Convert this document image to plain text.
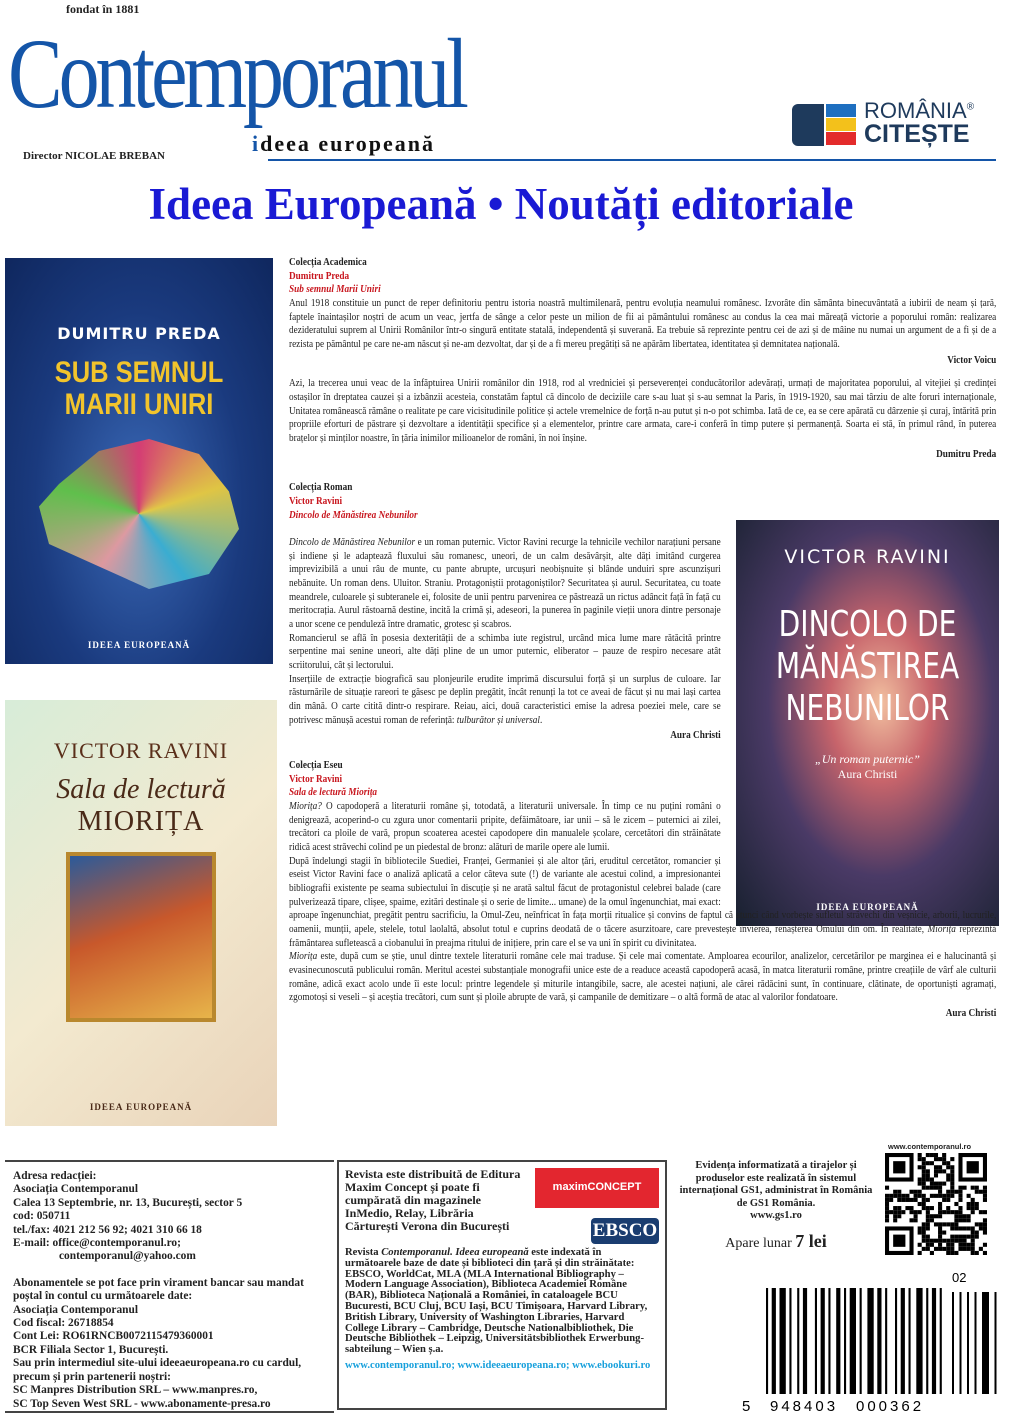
fondat în 1881
Contemporanul
ideea europeană
Director NICOLAE BREBAN
ROMÂNIA®
CITEȘTE
Ideea Europeană • Noutăți editoriale
DUMITRU PREDA
SUB SEMNUL
MARII UNIRI
IDEEA EUROPEANĂ
VICTOR RAVINI
Sala de lectură
MIORIȚA
IDEEA EUROPEANĂ
VICTOR RAVINI
DINCOLO DE
MĂNĂSTIREA
NEBUNILOR
„Un roman puternic”
Aura Christi
IDEEA EUROPEANĂ
Colecția Academica
Dumitru Preda
Sub semnul Marii Uniri

Anul 1918 constituie un punct de reper definitoriu pentru istoria noastră multimilenară, pentru evoluția neamului românesc. Izvorâte din sământa binecuvântată a iubirii de neam și țară, faptele înaintașilor noștri de acum un veac, jertfa de sânge a celor peste un milion de fii ai pământului românesc au condus la cea mai măreață victorie a poporului român: realizarea dezideratului suprem al Unirii Românilor într-o singură entitate statală, independentă și suverană. Ea trebuie să reprezinte pentru cei de azi și de mâine nu numai un argument de a fi și de a rezista pe pământul pe care ne-am născut și ne-am dezvoltat, dar și de a fi mereu pregătiți să ne apărăm libertatea, identitatea și demnitatea națională.

Victor Voicu

Azi, la trecerea unui veac de la înfăptuirea Unirii românilor din 1918, rod al vredniciei și perseverenței conducătorilor adevărați, urmați de majoritatea poporului, al vitejiei și credinței ostașilor în dreptatea cauzei și a izbânzii acesteia, constatăm faptul că dincolo de deciziile care s-au luat și s-au semnat la Paris, în 1919-1920, sau mai târziu de alte foruri internaționale, Unitatea românească rămâne o realitate pe care vicisitudinile politice și actele vremelnice de forță n-au putut și n-o pot schimba. Iată de ce, ea se cere apărată cu dârzenie și curaj, întărită prin propriile eforturi de păstrare și dezvoltare a identității specifice și a elementelor, printre care armata, care-i conferă în timp putere și permanență. Soarta ei stă, în primul rând, în puterea brațelor și minților noastre, în țăria inimilor milioanelor de români, în noi înșine.

Dumitru Preda
Colecția Roman
Victor Ravini
Dincolo de Mănăstirea Nebunilor

Dincolo de Mănăstirea Nebunilor e un roman puternic. Victor Ravini recurge la tehnicile vechilor narațiuni persane și indiene și le adaptează fluxului său romanesc, uneori, de un calm desăvârșit, alte dăți imitând curgerea imprevizibilă a unui râu de munte, cu pante abrupte, urcușuri neobișnuite și blânde unduiri spre ascunzișuri nebănuite. Un roman dens. Uluitor. Straniu. Protagoniștii protagoniștilor? Securitatea și aurul. Securitatea, cu toate meandrele, culoarele și subteranele ei, folosite de unii pentru parvenirea ce păstrează un rictus adâncit față în față cu meritocrația. Aurul răstoarnă destine, incită la crimă și, adeseori, la punerea în paginile vieții unora dintre personaje a unor scene ce penduleză între dramatic, grotesc și scabros.

Romancierul se află în posesia dexterității de a schimba iute registrul, urcând mica lume mare rătăcită printre serpentine mai senine uneori, alte dăți pline de un umor puternic, eliberator – pauze de respiro necesare atât scriitorului, cât și lectorului.

Inserțiile de extracție biografică sau plonjeurile erudite imprimă discursului forță și un surplus de culoare. Iar răsturnările de situație rareori te găsesc pe deplin pregătit, încât renunți la tot ce aveai de făcut și nu mai lași cartea din mână. O carte citită dintr-o respirare. Reiau, aici, două caracteristici emise la adresa poeziei mele, care se potrivesc mănușă acestui roman de referință: tulburător și universal.

Aura Christi
Colecția Eseu
Victor Ravini
Sala de lectură Miorița

Miorița? O capodoperă a literaturii române și, totodată, a literaturii universale. În timp ce nu puțini români o denigrează, acoperind-o cu zgura unor comentarii pripite, defăimătoare, iar unii – să le zicem – puternici ai zilei, trecători ca ploile de vară, propun scoaterea acestei capodopere din manualele școlare, cercetători din străinătate ridică acest străvechi colind pe un piedestal de bronz: alături de marile opere ale lumii.

După îndelungi stagii în bibliotecile Suediei, Franței, Germaniei și ale altor țări, eruditul cercetător, romancier și eseist Victor Ravini face o analiză aplicată a celor câteva sute (!) de variante ale acestui colind, a impresionantei bibliografii existente pe seama subiectului în discuție și ne arată saltul făcut de protagonistul celebrei balade (care pulverizează tipare, clișee, spaime, ezitări destinale și o serie de limite... umane) de la omul îngenunchiat, mai exact: aproape îngenunchiat, pregătit pentru sacrificiu, la Omul-Zeu, neînfricat în fața morții ritualice și convins de faptul că atunci când vorbește sufletul străvechi din veșnicie, arborii, lucrurile, oamenii, munții, apele, stelele, totul laolaltă, absolut totul e cuprins deodată de o tăcere asurzitoare, care prevestește învierea, renașterea Omului din om. În realitate, Miorița reprezintă frământarea sufletească a ciobanului în preajma ritului de inițiere, prin care el se va uni în spirit cu divinitatea.

Miorița este, după cum se știe, unul dintre textele literaturii române cele mai traduse. Și cele mai comentate. Amploarea ecourilor, analizelor, cercetărilor pe marginea ei e halucinantă și evasinecunoscută publicului român. Meritul acestei substanțiale monografii unice este de a readuce această capodoperă acasă, în matca literaturii române, printre creațiile de vârf ale culturii române, adică exact acolo unde îi este locul: printre legendele și miturile intangibile, sacre, ale acestei națiuni, ale cărei rădăcini sunt, în continuare, clătinate, de oportuniști agramați, zgomotoși si veseli – și aceștia trecători, cum sunt și ploile abrupte de vară, și campanile de demitizare – o altă formă de atac al valorilor fondatoare.

Aura Christi
Adresa redacției:
Asociația Contemporanul
Calea 13 Septembrie, nr. 13, București, sector 5
cod: 050711
tel./fax: 4021 212 56 92; 4021 310 66 18
E-mail: office@contemporanul.ro;
contemporanul@yahoo.com
Abonamentele se pot face prin virament bancar sau mandat poștal în contul cu următoarele date:
Asociația Contemporanul
Cod fiscal: 26718854
Cont Lei: RO61RNCB0072115479360001
BCR Filiala Sector 1, București.
Sau prin intermediul site-ului ideeaeuropeana.ro cu cardul, precum și prin partenerii noștri:
SC Manpres Distribution SRL – www.manpres.ro,
SC Top Seven West SRL - www.abonamente-presa.ro
Revista este distribuită de Editura Maxim Concept și poate fi cumpărată din magazinele InMedio, Relay, Librăria Cărturești Verona din București
maximCONCEPT
EBSCO
Revista Contemporanul. Ideea europeană este indexată în următoarele baze de date și biblioteci din țară și din străinătate: EBSCO, WorldCat, MLA (MLA International Bibliography – Modern Language Association), Biblioteca Academiei Române (BAR), Biblioteca Națională a României, în cataloagele BCU Bucuresti, BCU Cluj, BCU Iași, BCU Timișoara, Harvard Library, British Library, University of Washington Libraries, Harvard College Library – Cambridge, Deutsche Nationalbibliothek, Die Deutsche Bibliothek – Leipzig, Universitätsbibliothek Erwerbung-sabteilung – Wien ș.a.
www.contemporanul.ro; www.ideeaeuropeana.ro; www.ebookuri.ro
Evidența informatizată a tirajelor și produselor este realizată în sistemul internațional GS1, administrat în România de GS1 România.
www.gs1.ro
Apare lunar 7 lei
www.contemporanul.ro
5 948403 000362
02
